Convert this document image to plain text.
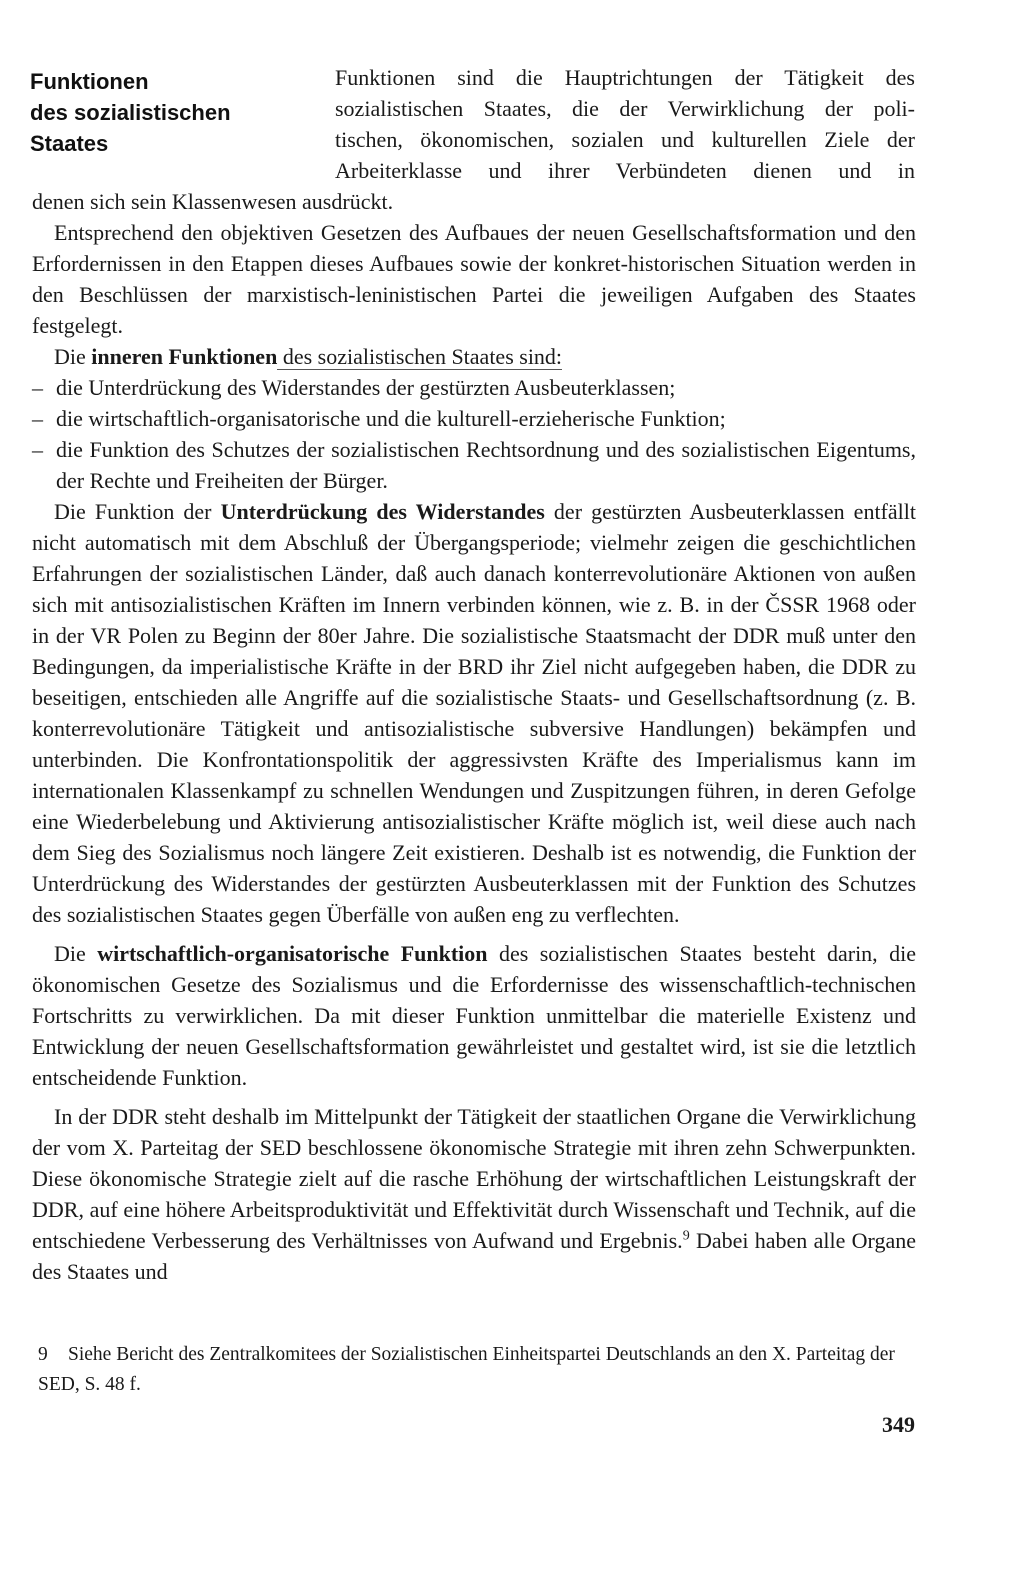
Funktionen
des sozialistischen
Staates
Funktionen sind die Hauptrichtungen der Tätigkeit des
sozialistischen Staates, die der Verwirklichung der poli-
tischen, ökonomischen, sozialen und kulturellen Ziele der
Arbeiterklasse und ihrer Verbündeten dienen und in

denen sich sein Klassenwesen ausdrückt.

Entsprechend den objektiven Gesetzen des Aufbaues der neuen Gesellschaftsformation und den Erfordernissen in den Etappen dieses Aufbaues sowie der konkret-historischen Situation werden in den Beschlüssen der marxistisch-leninistischen Partei die jeweiligen Aufgaben des Staates festgelegt.

Die inneren Funktionen des sozialistischen Staates sind:

– die Unterdrückung des Widerstandes der gestürzten Ausbeuterklassen;
– die wirtschaftlich-organisatorische und die kulturell-erzieherische Funktion;
– die Funktion des Schutzes der sozialistischen Rechtsordnung und des sozialistischen Eigentums, der Rechte und Freiheiten der Bürger.

Die Funktion der Unterdrückung des Widerstandes der gestürzten Ausbeuterklassen entfällt nicht automatisch mit dem Abschluß der Übergangsperiode; vielmehr zeigen die geschichtlichen Erfahrungen der sozialistischen Länder, daß auch danach konterrevolutionäre Aktionen von außen sich mit antisozialistischen Kräften im Innern verbinden können, wie z. B. in der ČSSR 1968 oder in der VR Polen zu Beginn der 80er Jahre. Die sozialistische Staatsmacht der DDR muß unter den Bedingungen, da imperialistische Kräfte in der BRD ihr Ziel nicht aufgegeben haben, die DDR zu beseitigen, entschieden alle Angriffe auf die sozialistische Staats- und Gesellschaftsordnung (z. B. konterrevolutionäre Tätigkeit und antisozialistische subversive Handlungen) bekämpfen und unterbinden. Die Konfrontationspolitik der aggressivsten Kräfte des Imperialismus kann im internationalen Klassenkampf zu schnellen Wendungen und Zuspitzungen führen, in deren Gefolge eine Wiederbelebung und Aktivierung antisozialistischer Kräfte möglich ist, weil diese auch nach dem Sieg des Sozialismus noch längere Zeit existieren. Deshalb ist es notwendig, die Funktion der Unterdrückung des Widerstandes der gestürzten Ausbeuterklassen mit der Funktion des Schutzes des sozialistischen Staates gegen Überfälle von außen eng zu verflechten.

Die wirtschaftlich-organisatorische Funktion des sozialistischen Staates besteht darin, die ökonomischen Gesetze des Sozialismus und die Erfordernisse des wissenschaftlich-technischen Fortschritts zu verwirklichen. Da mit dieser Funktion unmittelbar die materielle Existenz und Entwicklung der neuen Gesellschaftsformation gewährleistet und gestaltet wird, ist sie die letztlich entscheidende Funktion.

In der DDR steht deshalb im Mittelpunkt der Tätigkeit der staatlichen Organe die Verwirklichung der vom X. Parteitag der SED beschlossene ökonomische Strategie mit ihren zehn Schwerpunkten. Diese ökonomische Strategie zielt auf die rasche Erhöhung der wirtschaftlichen Leistungskraft der DDR, auf eine höhere Arbeitsproduktivität und Effektivität durch Wissenschaft und Technik, auf die entschiedene Verbesserung des Verhältnisses von Aufwand und Ergebnis.$^9$ Dabei haben alle Organe des Staates und

9 Siehe Bericht des Zentralkomitees der Sozialistischen Einheitspartei Deutschlands an den X. Parteitag der SED, S. 48 f.
349
